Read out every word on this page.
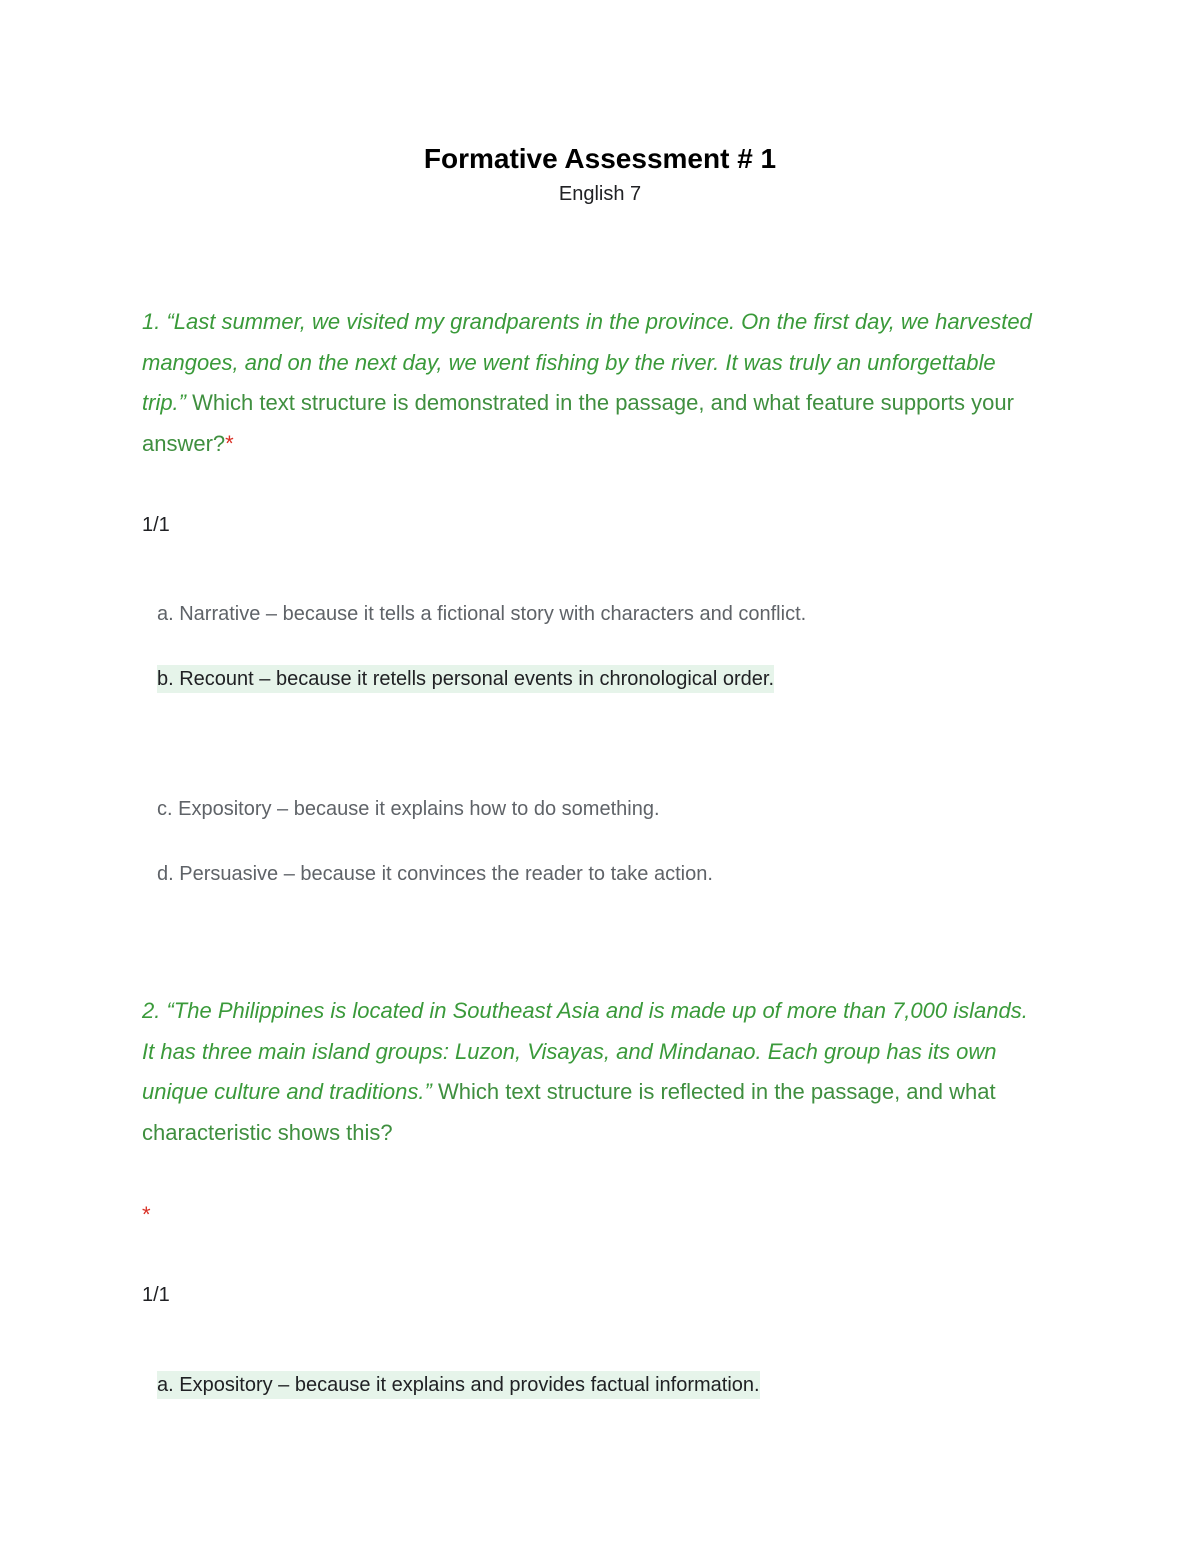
Formative Assessment # 1
English 7
1. “Last summer, we visited my grandparents in the province. On the first day, we harvested mangoes, and on the next day, we went fishing by the river. It was truly an unforgettable trip.” Which text structure is demonstrated in the passage, and what feature supports your answer?*
1/1
a. Narrative – because it tells a fictional story with characters and conflict.
b. Recount – because it retells personal events in chronological order.
c. Expository – because it explains how to do something.
d. Persuasive – because it convinces the reader to take action.
2. “The Philippines is located in Southeast Asia and is made up of more than 7,000 islands. It has three main island groups: Luzon, Visayas, and Mindanao. Each group has its own unique culture and traditions.” Which text structure is reflected in the passage, and what characteristic shows this?
*
1/1
a. Expository – because it explains and provides factual information.
